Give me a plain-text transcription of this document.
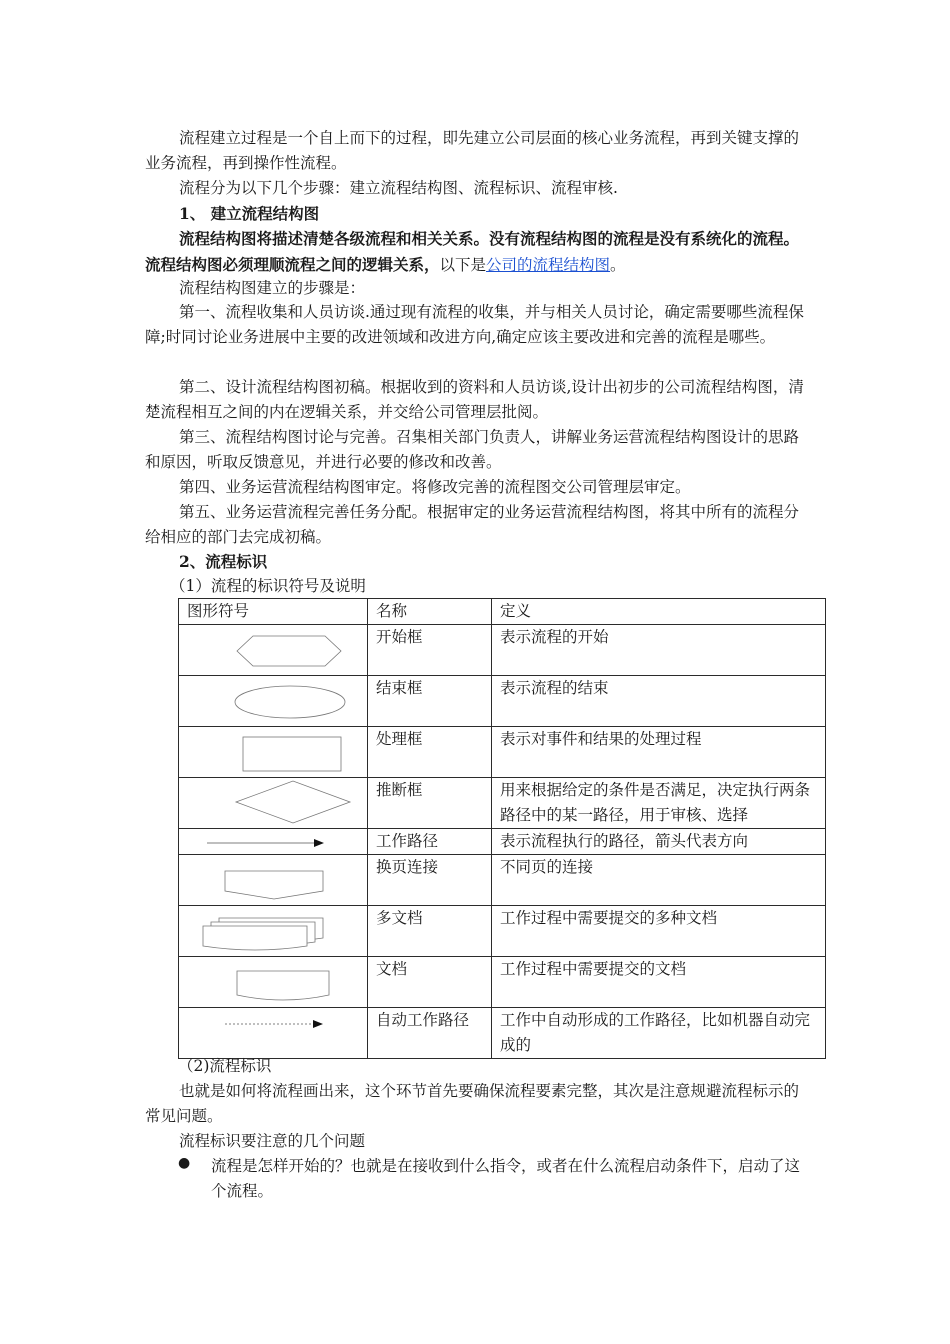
流程建立过程是一个自上而下的过程，即先建立公司层面的核心业务流程，再到关键支撑的业务流程，再到操作性流程。

流程分为以下几个步骤：建立流程结构图、流程标识、流程审核.

1、 建立流程结构图

流程结构图将描述清楚各级流程和相关关系。没有流程结构图的流程是没有系统化的流程。流程结构图必须理顺流程之间的逻辑关系，以下是公司的流程结构图。

流程结构图建立的步骤是：

第一、流程收集和人员访谈.通过现有流程的收集，并与相关人员讨论，确定需要哪些流程保障;时同讨论业务进展中主要的改进领域和改进方向,确定应该主要改进和完善的流程是哪些。

第二、设计流程结构图初稿。根据收到的资料和人员访谈,设计出初步的公司流程结构图，清楚流程相互之间的内在逻辑关系，并交给公司管理层批阅。

第三、流程结构图讨论与完善。召集相关部门负责人，讲解业务运营流程结构图设计的思路和原因，听取反馈意见，并进行必要的修改和改善。

第四、业务运营流程结构图审定。将修改完善的流程图交公司管理层审定。

第五、业务运营流程完善任务分配。根据审定的业务运营流程结构图，将其中所有的流程分给相应的部门去完成初稿。

2、流程标识

（1）流程的标识符号及说明

图形符号	名称	定义

	开始框	表示流程的开始

	结束框	表示流程的结束

	处理框	表示对事件和结果的处理过程

	推断框	用来根据给定的条件是否满足，决定执行两条路径中的某一路径，用于审核、选择

	工作路径	表示流程执行的路径，箭头代表方向

	换页连接	不同页的连接

	多文档	工作过程中需要提交的多种文档

	文档	工作过程中需要提交的文档

	自动工作路径	工作中自动形成的工作路径，比如机器自动完成的

（2)流程标识

也就是如何将流程画出来，这个环节首先要确保流程要素完整，其次是注意规避流程标示的常见问题。

流程标识要注意的几个问题

● 流程是怎样开始的？也就是在接收到什么指令，或者在什么流程启动条件下，启动了这个流程。
